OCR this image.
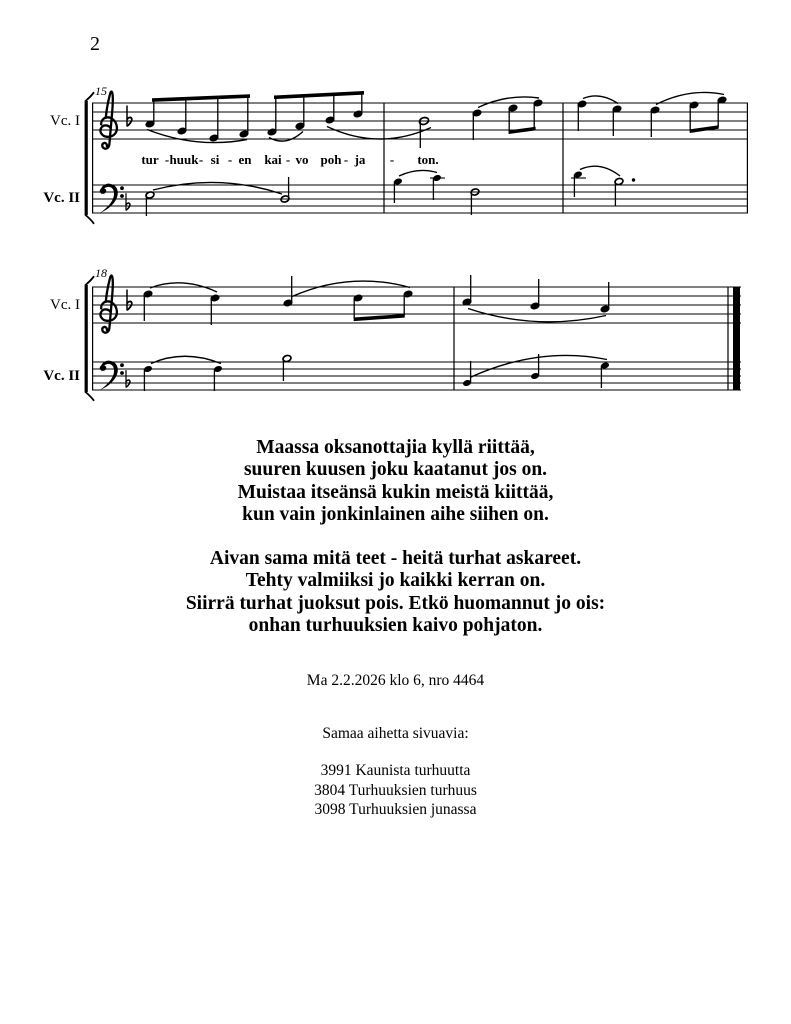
2
15
18
Vc. I
Vc. II
Vc. I
Vc. II
tur - huuk - si - en kai - vo poh - ja - ton.
Maassa oksanottajia kyllä riittää,
suuren kuusen joku kaatanut jos on.
Muistaa itseänsä kukin meistä kiittää,
kun vain jonkinlainen aihe siihen on.
Aivan sama mitä teet - heitä turhat askareet.
Tehty valmiiksi jo kaikki kerran on.
Siirrä turhat juoksut pois. Etkö huomannut jo ois:
onhan turhuuksien kaivo pohjaton.
Ma 2.2.2026 klo 6, nro 4464
Samaa aihetta sivuavia:
3991 Kaunista turhuutta
3804 Turhuuksien turhuus
3098 Turhuuksien junassa
